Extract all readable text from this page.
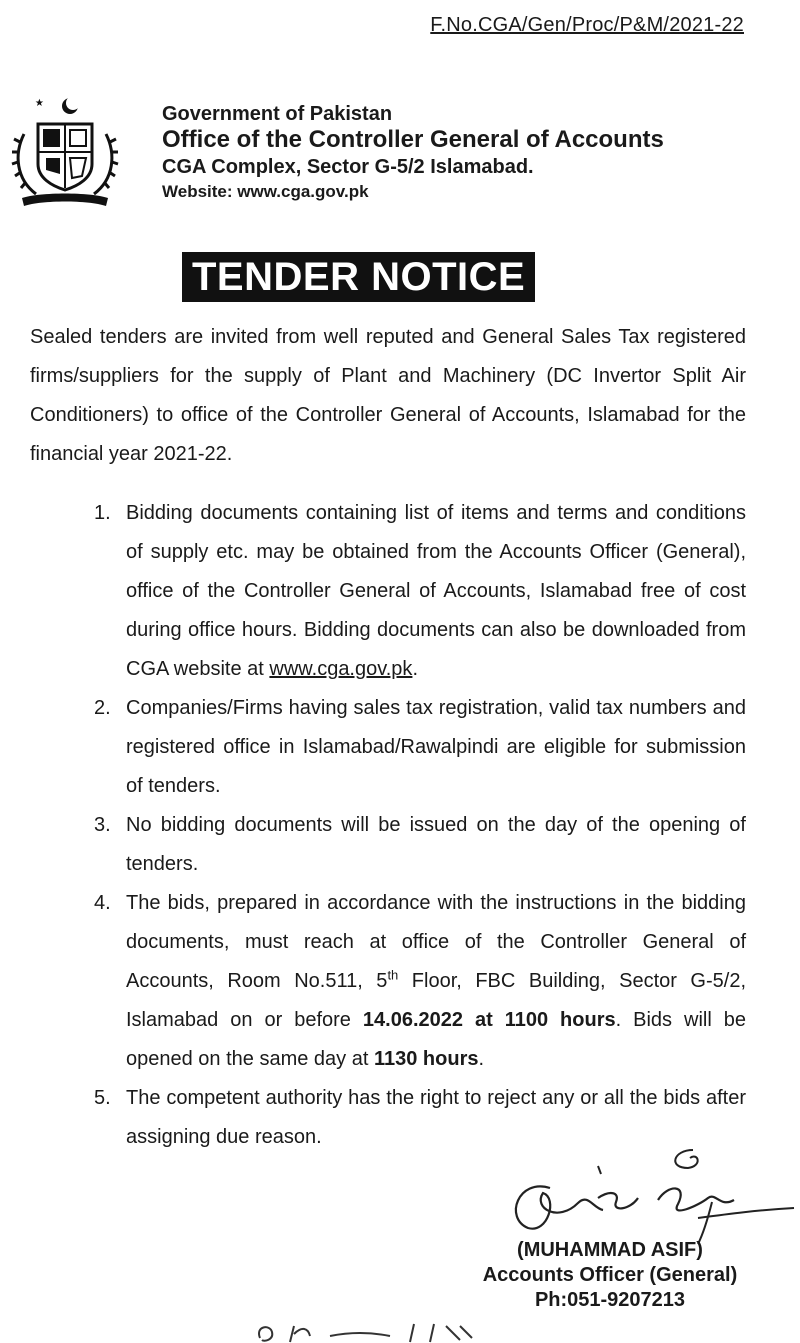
F.No.CGA/Gen/Proc/P&M/2021-22
Government of Pakistan
Office of the Controller General of Accounts
CGA Complex, Sector G-5/2 Islamabad.
Website: www.cga.gov.pk
TENDER NOTICE

Sealed tenders are invited from well reputed and General Sales Tax registered firms/suppliers for the supply of Plant and Machinery (DC Invertor Split Air Conditioners) to office of the Controller General of Accounts, Islamabad for the financial year 2021-22.

1. Bidding documents containing list of items and terms and conditions of supply etc. may be obtained from the Accounts Officer (General), office of the Controller General of Accounts, Islamabad free of cost during office hours. Bidding documents can also be downloaded from CGA website at www.cga.gov.pk.
2. Companies/Firms having sales tax registration, valid tax numbers and registered office in Islamabad/Rawalpindi are eligible for submission of tenders.
3. No bidding documents will be issued on the day of the opening of tenders.
4. The bids, prepared in accordance with the instructions in the bidding documents, must reach at office of the Controller General of Accounts, Room No.511, 5th Floor, FBC Building, Sector G-5/2, Islamabad on or before 14.06.2022 at 1100 hours. Bids will be opened on the same day at 1130 hours.
5. The competent authority has the right to reject any or all the bids after assigning due reason.
(MUHAMMAD ASIF)
Accounts Officer (General)
Ph:051-9207213
